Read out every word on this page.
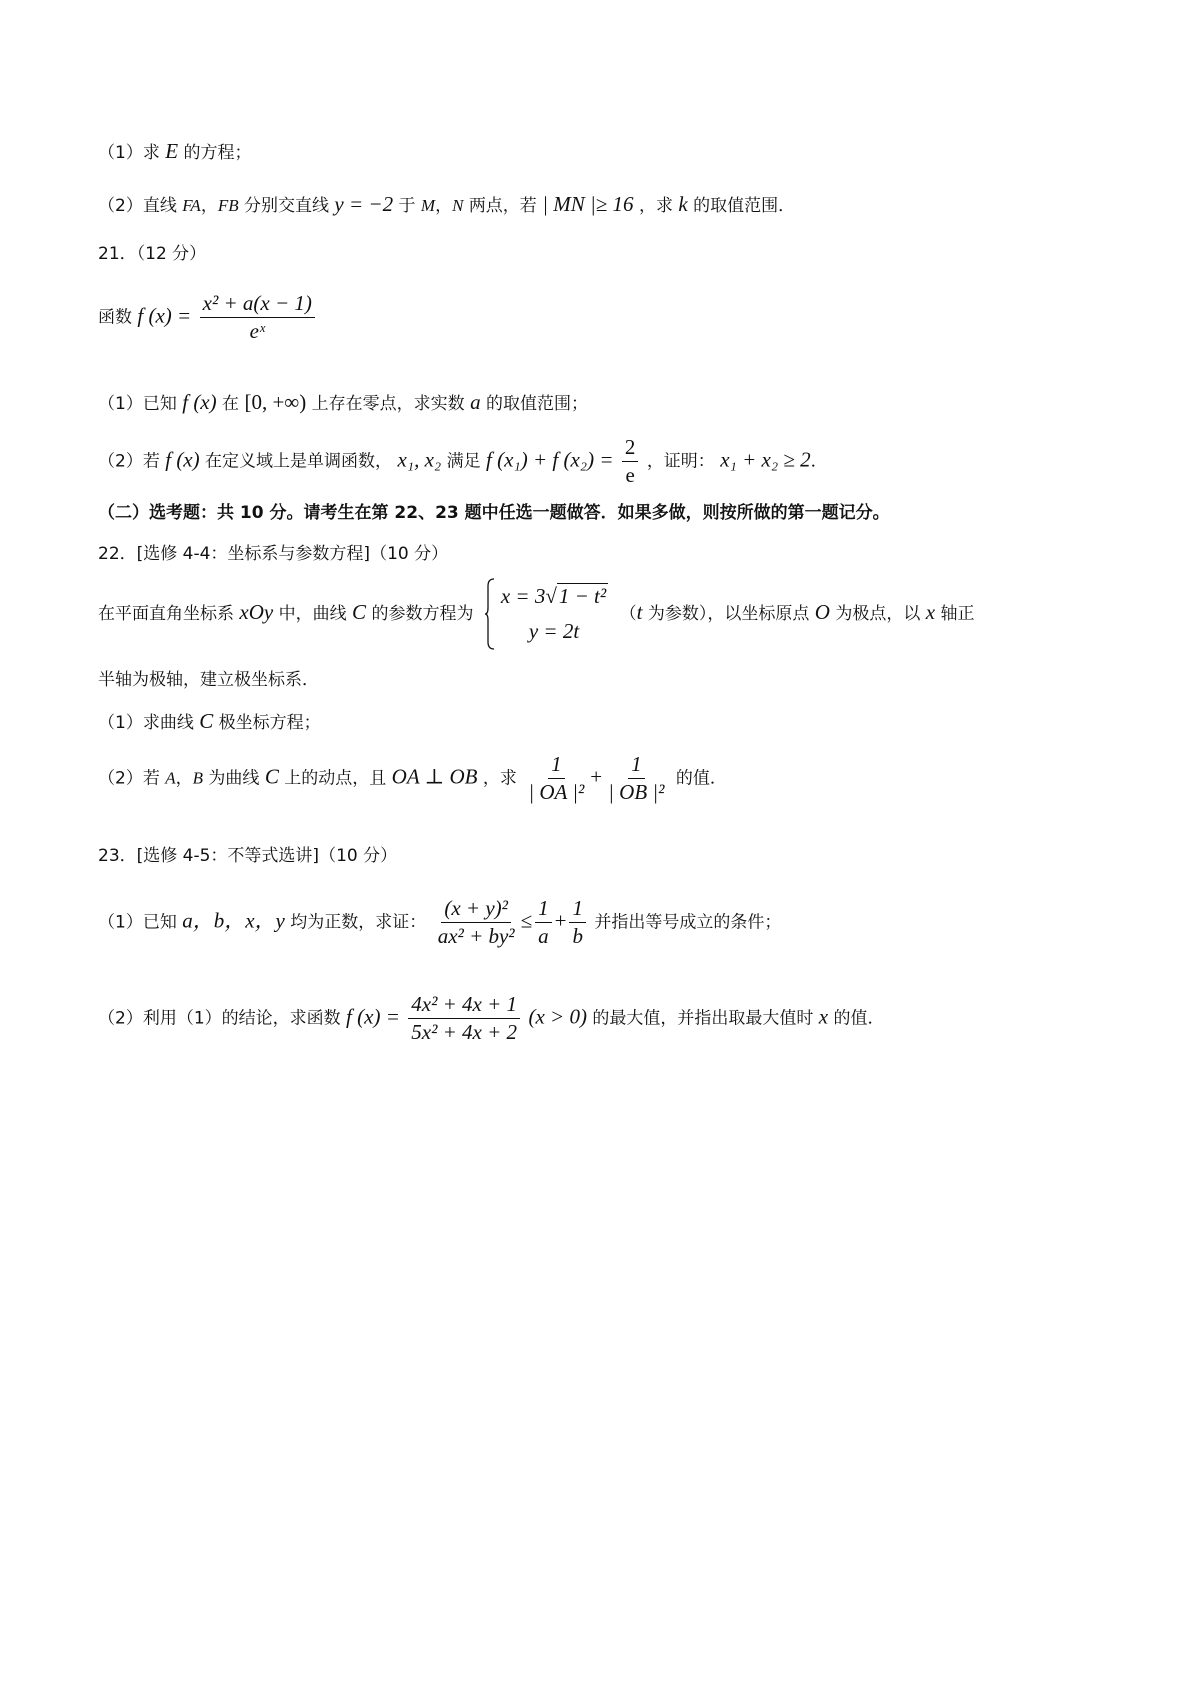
（1）求 E 的方程；
（2）直线 FA，FB 分别交直线 y = −2 于 M，N 两点，若 | MN |≥ 16 ，求 k 的取值范围．
21．（12 分）
函数 f $(x) = \frac{\text{x² + a(x − 1)}}{\text{eˣ}}$
（1）已知 f (x) 在 [0, +∞) 上存在零点，求实数 a 的取值范围；
（2）若 f (x) 在定义域上是单调函数， x₁, x₂ 满足 f (x₁) + f $(x_2) = \frac{2}{e}$ ，证明： x₁ + x₂ ≥ 2．
（二）选考题：共 10 分。请考生在第 22、23 题中任选一题做答．如果多做，则按所做的第一题记分。
22．[选修 4-4：坐标系与参数方程]（10 分）
在平面直角坐标系 xOy 中，曲线 C 的参数方程为
x = 3√1 − t²
y = 2t
（t 为参数），以坐标原点 O 为极点，以 x 轴正
半轴为极轴，建立极坐标系．
（1）求曲线 C 极坐标方程；
（2）若 A，B 为曲线 C 上的动点，且 OA ⊥ OB ，求 $\frac{1}{\text{| OA |²}} + \frac{1}{\text{| OB |²}}$ 的值．
23．[选修 4-5：不等式选讲]（10 分）
（1）已知 a，b，x，y 均为正数，求证： $\frac{\text{(x + y)²}}{\text{ax² + by²}} \le \frac{1}{a} + \frac{1}{b}$ 并指出等号成立的条件；
（2）利用（1）的结论，求函数 f $(x) = \frac{\text{4x² + 4x + 1}}{\text{5x² + 4x + 2}} (x > 0)$ 的最大值，并指出取最大值时 x 的值．
